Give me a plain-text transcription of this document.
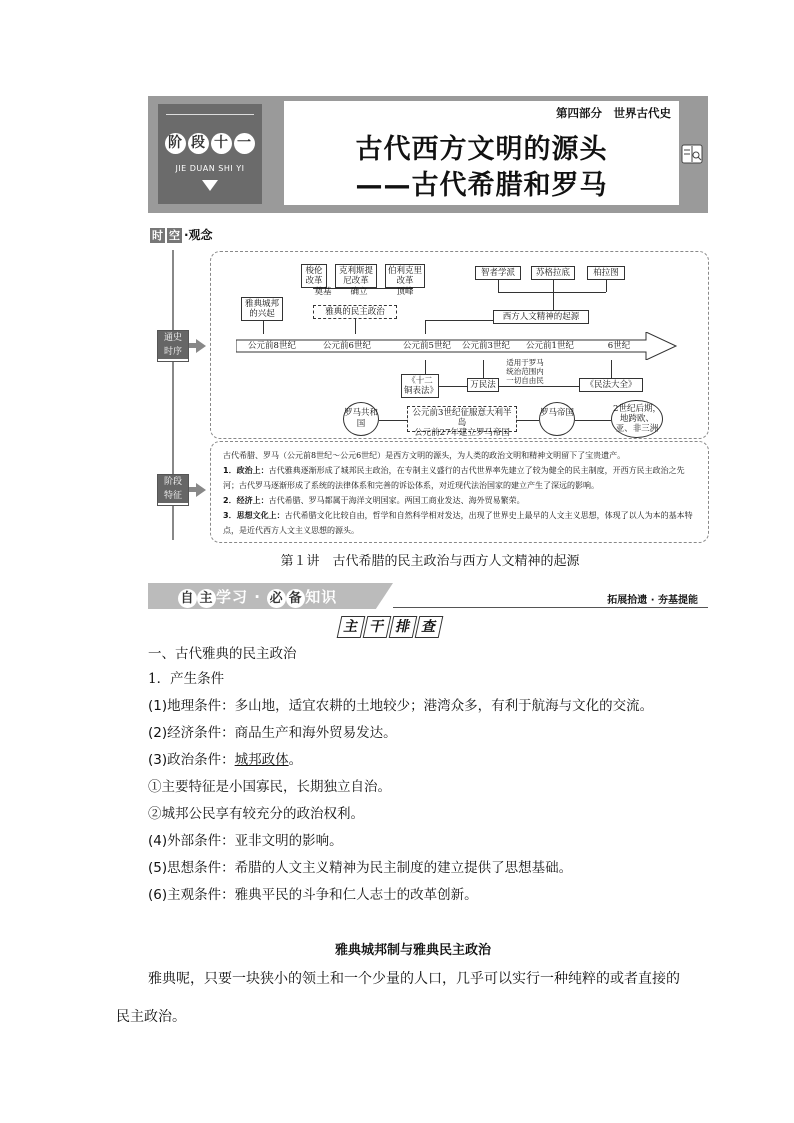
阶 段 十 一
JIE DUAN SHI YI
第四部分　世界古代史
古代西方文明的源头
——古代希腊和罗马
时 空 ·观念
通史
时序
阶段
特征
梭伦改革
克利斯提尼改革
伯利克里改革
奠基 确立	顶峰
雅典的民主政治
雅典城邦的兴起
智者学派	苏格拉底	柏拉图
西方人文精神的起源
公元前8世纪	公元前6世纪	公元前5世纪	公元前3世纪	公元前1世纪	6世纪
《十二铜表法》
万民法
适用于罗马统治范围内一切自由民	《民法大全》
罗马共和国
公元前3世纪征服意大利半岛
公元前27年建立罗马帝国
罗马帝国	2世纪后期，地跨欧、亚、非三洲

古代希腊、罗马（公元前8世纪～公元6世纪）是西方文明的源头，为人类的政治文明和精神文明留下了宝贵遗产。

1．政治上：古代雅典逐渐形成了城邦民主政治，在专制主义盛行的古代世界率先建立了较为健全的民主制度，开西方民主政治之先河；古代罗马逐渐形成了系统的法律体系和完善的诉讼体系，对近现代法治国家的建立产生了深远的影响。

2．经济上：古代希腊、罗马都属于海洋文明国家。两国工商业发达、海外贸易繁荣。

3．思想文化上：古代希腊文化比较自由，哲学和自然科学相对发达，出现了世界史上最早的人文主义思想，体现了以人为本的基本特点，是近代西方人文主义思想的源头。

第１讲　古代希腊的民主政治与西方人文精神的起源
自 主 学习 · 必 备 知识	拓展拾遗 · 夯基提能
主 干 排 查
一、古代雅典的民主政治
1．产生条件
(1)地理条件：多山地，适宜农耕的土地较少；港湾众多，有利于航海与文化的交流。
(2)经济条件：商品生产和海外贸易发达。
(3)政治条件：城邦政体。
①主要特征是小国寡民，长期独立自治。
②城邦公民享有较充分的政治权利。
(4)外部条件：亚非文明的影响。
(5)思想条件：希腊的人文主义精神为民主制度的建立提供了思想基础。
(6)主观条件：雅典平民的斗争和仁人志士的改革创新。
雅典城邦制与雅典民主政治
雅典呢，只要一块狭小的领土和一个少量的人口，几乎可以实行一种纯粹的或者直接的
民主政治。
